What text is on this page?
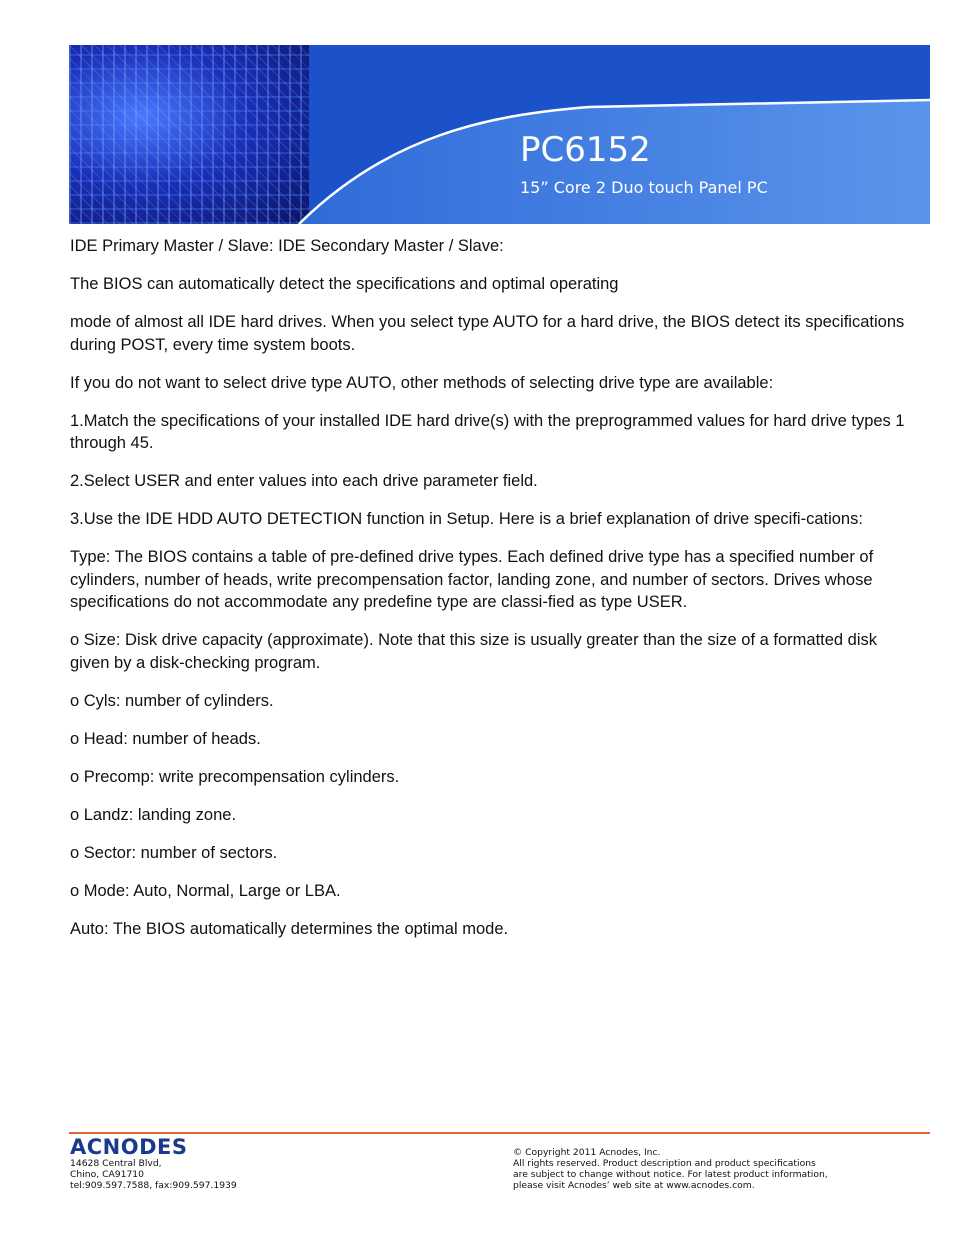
PC6152
15” Core 2 Duo touch Panel PC

IDE Primary Master / Slave: IDE Secondary Master / Slave:

The BIOS can automatically detect the specifications and optimal operating

mode of almost all IDE hard drives. When you select type AUTO for a hard drive, the BIOS detect its specifications during POST, every time system boots.

If you do not want to select drive type AUTO, other methods of selecting drive type are available:

1.Match the specifications of your installed IDE hard drive(s) with the preprogrammed values for hard drive types 1 through 45.

2.Select USER and enter values into each drive parameter field.

3.Use the IDE HDD AUTO DETECTION function in Setup. Here is a brief explanation of drive specifi-cations:

Type: The BIOS contains a table of pre-defined drive types. Each defined drive type has a specified number of cylinders, number of heads, write precompensation factor, landing zone, and number of sectors. Drives whose specifications do not accommodate any predefine type are classi-fied as type USER.

o Size: Disk drive capacity (approximate). Note that this size is usually greater than the size of a formatted disk given by a disk-checking program.

o Cyls: number of cylinders.

o Head: number of heads.

o Precomp: write precompensation cylinders.

o Landz: landing zone.

o Sector: number of sectors.

o Mode: Auto, Normal, Large or LBA.

Auto: The BIOS automatically determines the optimal mode.

ACNODES
14628 Central Blvd,
Chino, CA91710
tel:909.597.7588, fax:909.597.1939
© Copyright 2011 Acnodes, Inc.
All rights reserved. Product description and product specifications
are subject to change without notice. For latest product information,
please visit Acnodes’ web site at www.acnodes.com.
